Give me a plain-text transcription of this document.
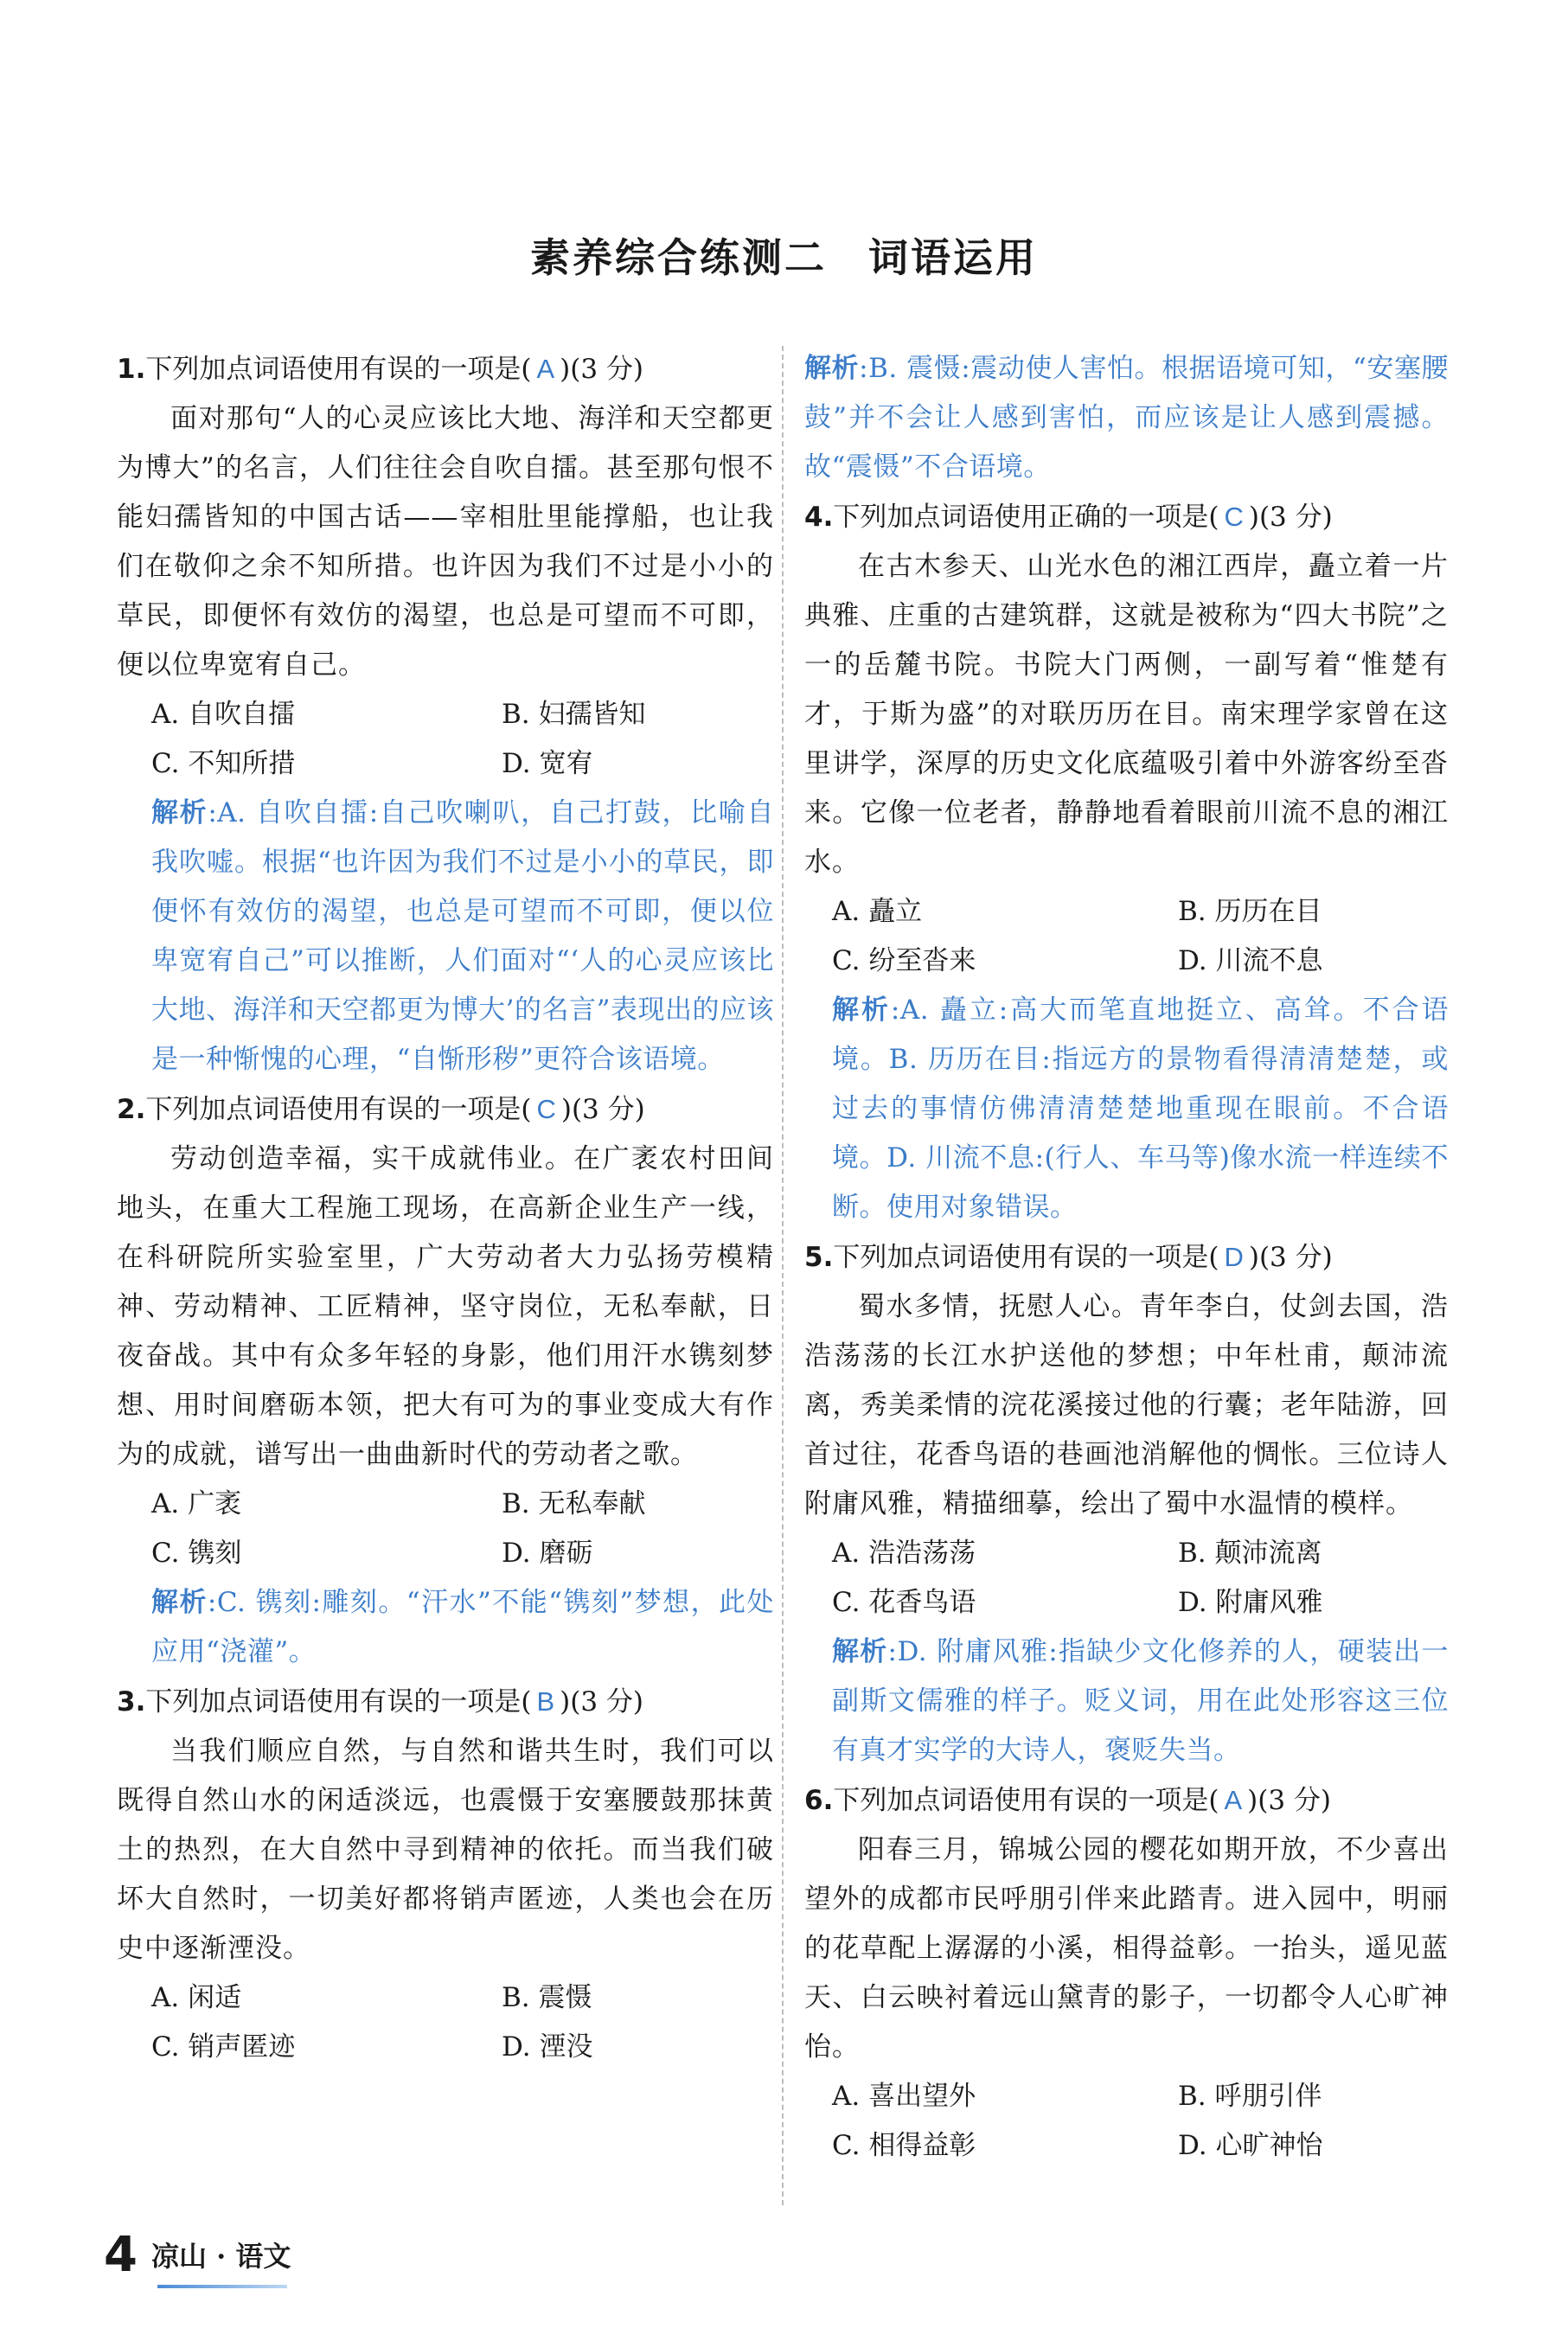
素养综合练测二 词语运用
1.下列加点词语使用有误的一项是( A )(3 分)
面对那句“人的心灵应该比大地、海洋和天空都更为博大”的名言，人们往往会自吹自擂。甚至那句恨不能妇孺皆知的中国古话——宰相肚里能撑船，也让我们在敬仰之余不知所措。也许因为我们不过是小小的草民，即便怀有效仿的渴望，也总是可望而不可即，便以位卑宽宥自己。
A. 自吹自擂	B. 妇孺皆知
C. 不知所措	D. 宽宥
解析:A. 自吹自擂:自己吹喇叭，自己打鼓，比喻自我吹嘘。根据“也许因为我们不过是小小的草民，即便怀有效仿的渴望，也总是可望而不可即，便以位卑宽宥自己”可以推断，人们面对“‘人的心灵应该比大地、海洋和天空都更为博大’的名言”表现出的应该是一种惭愧的心理，“自惭形秽”更符合该语境。
2.下列加点词语使用有误的一项是( C )(3 分)
劳动创造幸福，实干成就伟业。在广袤农村田间地头，在重大工程施工现场，在高新企业生产一线，在科研院所实验室里，广大劳动者大力弘扬劳模精神、劳动精神、工匠精神，坚守岗位，无私奉献，日夜奋战。其中有众多年轻的身影，他们用汗水镌刻梦想、用时间磨砺本领，把大有可为的事业变成大有作为的成就，谱写出一曲曲新时代的劳动者之歌。
A. 广袤	B. 无私奉献
C. 镌刻	D. 磨砺
解析:C. 镌刻:雕刻。“汗水”不能“镌刻”梦想，此处应用“浇灌”。
3.下列加点词语使用有误的一项是( B )(3 分)
当我们顺应自然，与自然和谐共生时，我们可以既得自然山水的闲适淡远，也震慑于安塞腰鼓那抹黄土的热烈，在大自然中寻到精神的依托。而当我们破坏大自然时，一切美好都将销声匿迹，人类也会在历史中逐渐湮没。
A. 闲适	B. 震慑
C. 销声匿迹	D. 湮没
解析:B. 震慑:震动使人害怕。根据语境可知，“安塞腰鼓”并不会让人感到害怕，而应该是让人感到震撼。故“震慑”不合语境。
4.下列加点词语使用正确的一项是( C )(3 分)
在古木参天、山光水色的湘江西岸，矗立着一片典雅、庄重的古建筑群，这就是被称为“四大书院”之一的岳麓书院。书院大门两侧，一副写着“惟楚有才，于斯为盛”的对联历历在目。南宋理学家曾在这里讲学，深厚的历史文化底蕴吸引着中外游客纷至沓来。它像一位老者，静静地看着眼前川流不息的湘江水。
A. 矗立	B. 历历在目
C. 纷至沓来	D. 川流不息
解析:A. 矗立:高大而笔直地挺立、高耸。不合语境。B. 历历在目:指远方的景物看得清清楚楚，或过去的事情仿佛清清楚楚地重现在眼前。不合语境。D. 川流不息:(行人、车马等)像水流一样连续不断。使用对象错误。
5.下列加点词语使用有误的一项是( D )(3 分)
蜀水多情，抚慰人心。青年李白，仗剑去国，浩浩荡荡的长江水护送他的梦想；中年杜甫，颠沛流离，秀美柔情的浣花溪接过他的行囊；老年陆游，回首过往，花香鸟语的巷画池消解他的惆怅。三位诗人附庸风雅，精描细摹，绘出了蜀中水温情的模样。
A. 浩浩荡荡	B. 颠沛流离
C. 花香鸟语	D. 附庸风雅
解析:D. 附庸风雅:指缺少文化修养的人，硬装出一副斯文儒雅的样子。贬义词，用在此处形容这三位有真才实学的大诗人，褒贬失当。
6.下列加点词语使用有误的一项是( A )(3 分)
阳春三月，锦城公园的樱花如期开放，不少喜出望外的成都市民呼朋引伴来此踏青。进入园中，明丽的花草配上潺潺的小溪，相得益彰。一抬头，遥见蓝天、白云映衬着远山黛青的影子，一切都令人心旷神怡。
A. 喜出望外	B. 呼朋引伴
C. 相得益彰	D. 心旷神怡
4 凉山 · 语文
